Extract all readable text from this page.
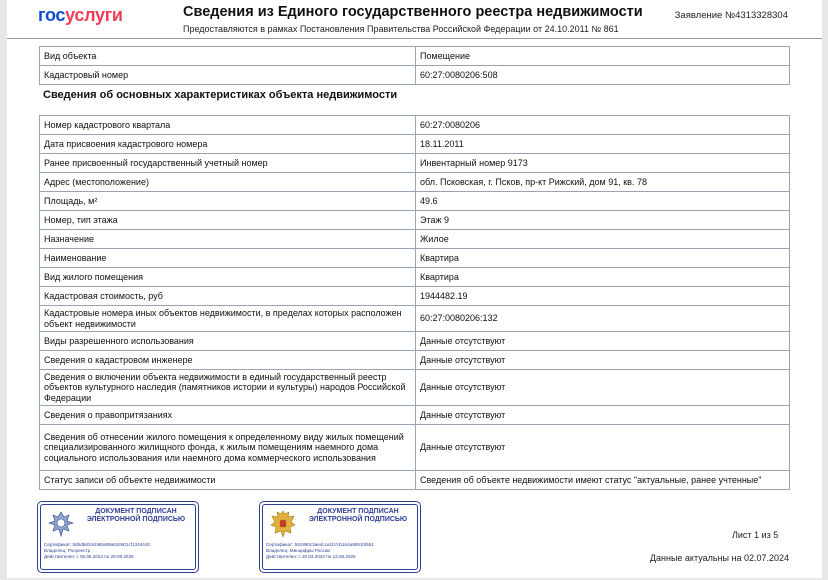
госуслуги	Сведения из Единого государственного реестра недвижимости
Предоставляются в рамках Постановления Правительства Российской Федерации от 24.10.2011 № 861
Заявление №4313328304
Вид объекта	Помещение
Кадастровый номер	60:27:0080206:508
Сведения об основных характеристиках объекта недвижимости
Номер кадастрового квартала	60:27:0080206
Дата присвоения кадастрового номера	18.11.2011
Ранее присвоенный государственный учетный номер	Инвентарный номер 9173
Адрес (местоположение)	обл. Псковская, г. Псков, пр-кт Рижский, дом 91, кв. 78
Площадь, м²	49.6
Номер, тип этажа	Этаж 9
Назначение	Жилое
Наименование	Квартира
Вид жилого помещения	Квартира
Кадастровая стоимость, руб	1944482.19
Кадастровые номера иных объектов недвижимости, в пределах которых расположен объект недвижимости	60:27:0080206:132
Виды разрешенного использования	Данные отсутствуют
Сведения о кадастровом инженере	Данные отсутствуют
Сведения о включении объекта недвижимости в единый государственный реестр объектов культурного наследия (памятников истории и культуры) народов Российской Федерации	Данные отсутствуют
Сведения о правопритязаниях	Данные отсутствуют
Сведения об отнесении жилого помещения к определенному виду жилых помещений специализированного жилищного фонда, к жилым помещениям наемного дома социального использования или наемного дома коммерческого использования	Данные отсутствуют
Статус записи об объекте недвижимости	Сведения об объекте недвижимости имеют статус "актуальные, ранее учтенные"
ДОКУМЕНТ ПОДПИСАН ЭЛЕКТРОННОЙ ПОДПИСЬЮ
Сертификат: b8bd5834cb90a88a634901cf13444cfc
Владелец: Росреестр
Действителен: с 05.06.2024 по 29.08.2025
ДОКУМЕНТ ПОДПИСАН ЭЛЕКТРОННОЙ ПОДПИСЬЮ
Сертификат: b51890c3ae4cca1b7d1164a9551f4551
Владелец: Минцифры России
Действителен: с 20.03.2024 по 13.06.2025
Лист 1 из 5
Данные актуальны на 02.07.2024
